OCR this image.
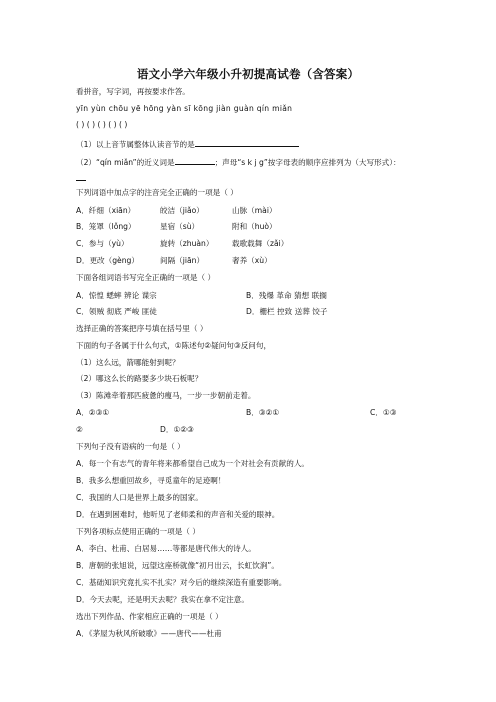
语文小学六年级小升初提高试卷（含答案）
看拼音，写字词，再按要求作答。
yīn yùn chōu yē hōng yàn sī kōng jiàn guàn qín miǎn
( ) ( ) ( ) ( ) ( )
（1）以上音节属整体认读音节的是
（2）“qín miǎn”的近义词是	；声母“s k j g”按字母表的顺序应排列为（大写形式）：
下列词语中加点字的注音完全正确的一项是（ ）
A．纤细（xiān）	皎洁（jiǎo）	山脉（mài）
B．笼罩（lǒng）	星宿（sù）	附和（huò）
C．参与（yù）	旋转（zhuàn） 载歌载舞（zǎi）
D．更改（gèng）	间隔（jiān）	奢养（xù）
下面各组词语书写完全正确的一项是（ ）
A．惊惶 蟋蟀 辨论 谍宗	B．残爆 革命 猜想 联搁
C．领贼 彻底 严峻 匪徒	D．栅栏 控致 送葬 饺子
选择正确的答案把序号填在括号里（ ）
下面的句子各属于什么句式，①陈述句②疑问句③反问句，
（1）这么远，箭哪能射到呢？
（2）哪这么长的路要多少块石板呢？
（3）陈滩牵着那匹疲惫的瘦马，一步一步朝前走着。
A．②③①	B．③②①	C．①③
②	D．①②③
下列句子没有语病的一句是（ ）
A．每一个有志气的青年将来都希望自己成为一个对社会有贡献的人。
B．我多么想重回故乡，寻觅童年的足迹啊！
C．我国的人口是世界上最多的国家。
D．在遇到困难时，他听见了老师柔和的声音和关爱的眼神。
下列各项标点使用正确的一项是（ ）
A．李白、杜甫、白居易……等都是唐代伟大的诗人。
B．唐朝的张旭说，远望这座桥就像“初月出云，长虹饮涧”。
C．基础知识究竟扎实不扎实？对今后的继续深造有重要影响。
D．今天去呢，还是明天去呢？我实在拿不定注意。
选出下列作品、作家相应正确的一项是（ ）
A．《茅屋为秋风所破歌》——唐代——杜甫
